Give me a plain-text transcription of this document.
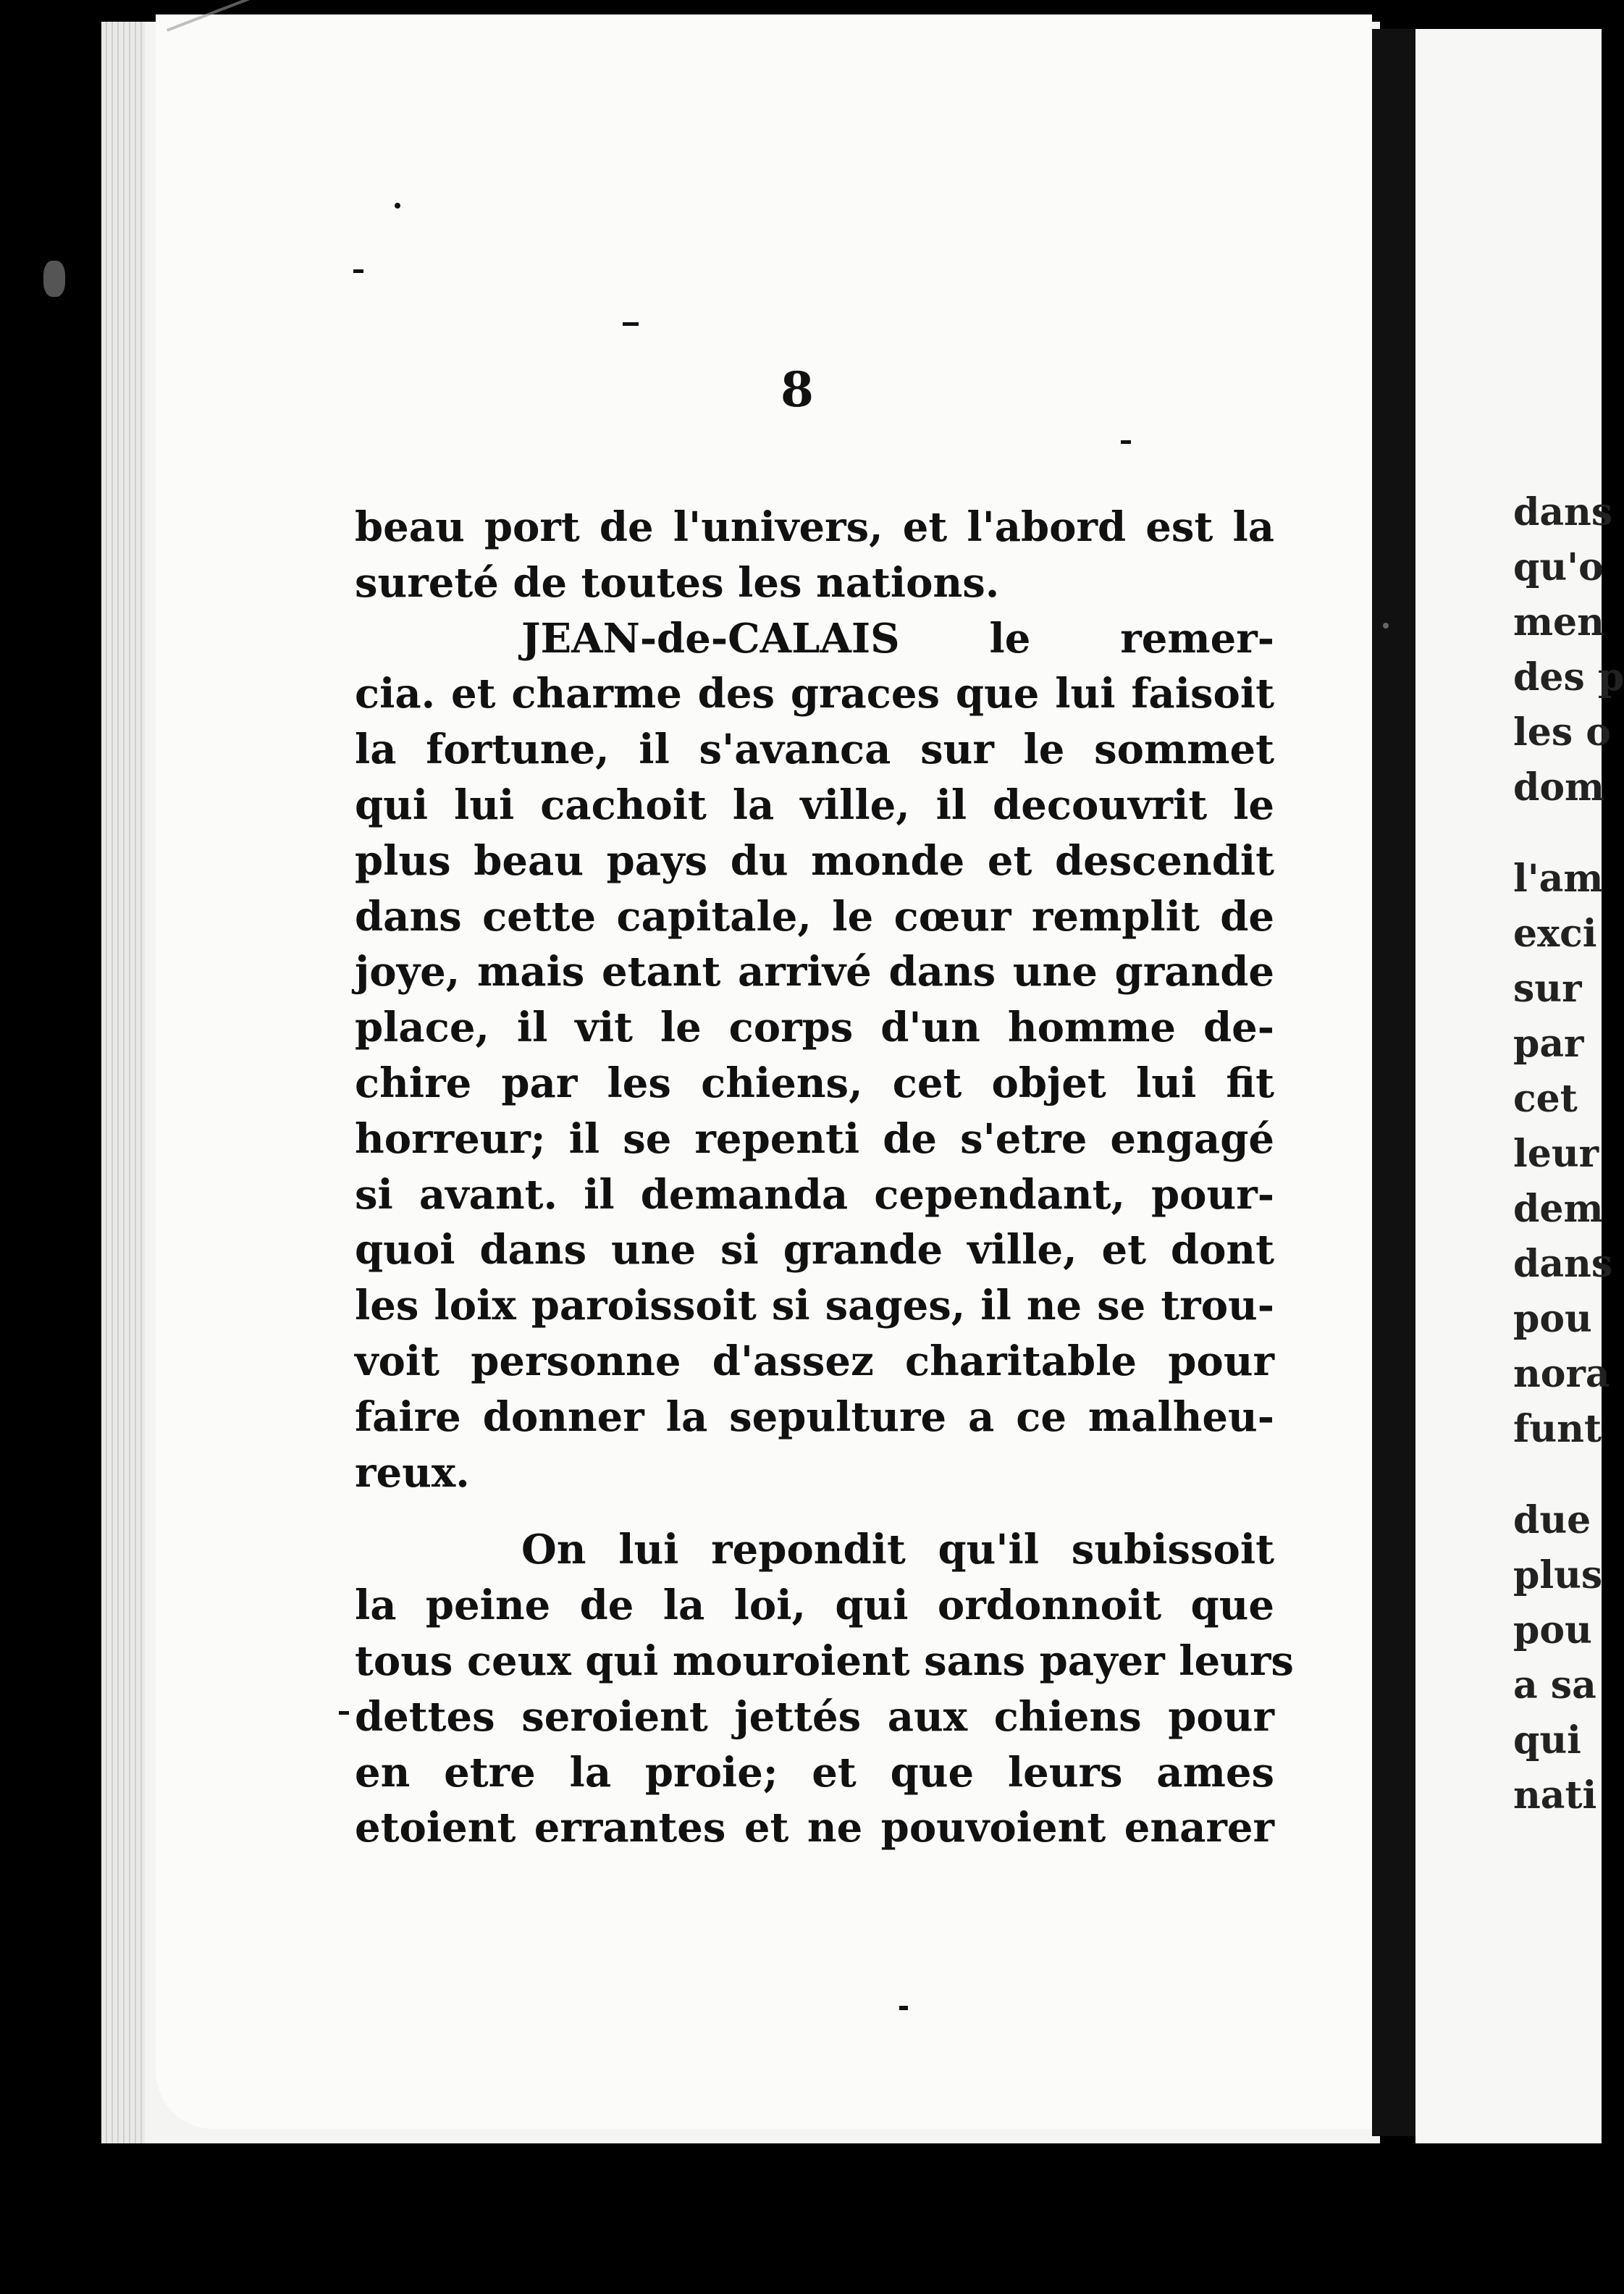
8
beau port de l'univers, et l'abord est la
sureté de toutes les nations.
JEAN-de-CALAIS le remer-
cia. et charme des graces que lui faisoit
la fortune, il s'avanca sur le sommet
qui lui cachoit la ville, il decouvrit le
plus beau pays du monde et descendit
dans cette capitale, le cœur remplit de
joye, mais etant arrivé dans une grande
place, il vit le corps d'un homme de-
chire par les chiens, cet objet lui fit
horreur; il se repenti de s'etre engagé
si avant. il demanda cependant, pour-
quoi dans une si grande ville, et dont
les loix paroissoit si sages, il ne se trou-
voit personne d'assez charitable pour
faire donner la sepulture a ce malheu-
reux.
On lui repondit qu'il subissoit
la peine de la loi, qui ordonnoit que
tous ceux qui mouroient sans payer leurs
dettes seroient jettés aux chiens pour
en etre la proie; et que leurs ames
etoient errantes et ne pouvoient enarer
dans
qu'o
men
des p
les o
dom
l'am
exci
sur
par
cet
leur
dem
dans
pou
nora
funt
due
plus
pou
a sa
qui
nati
